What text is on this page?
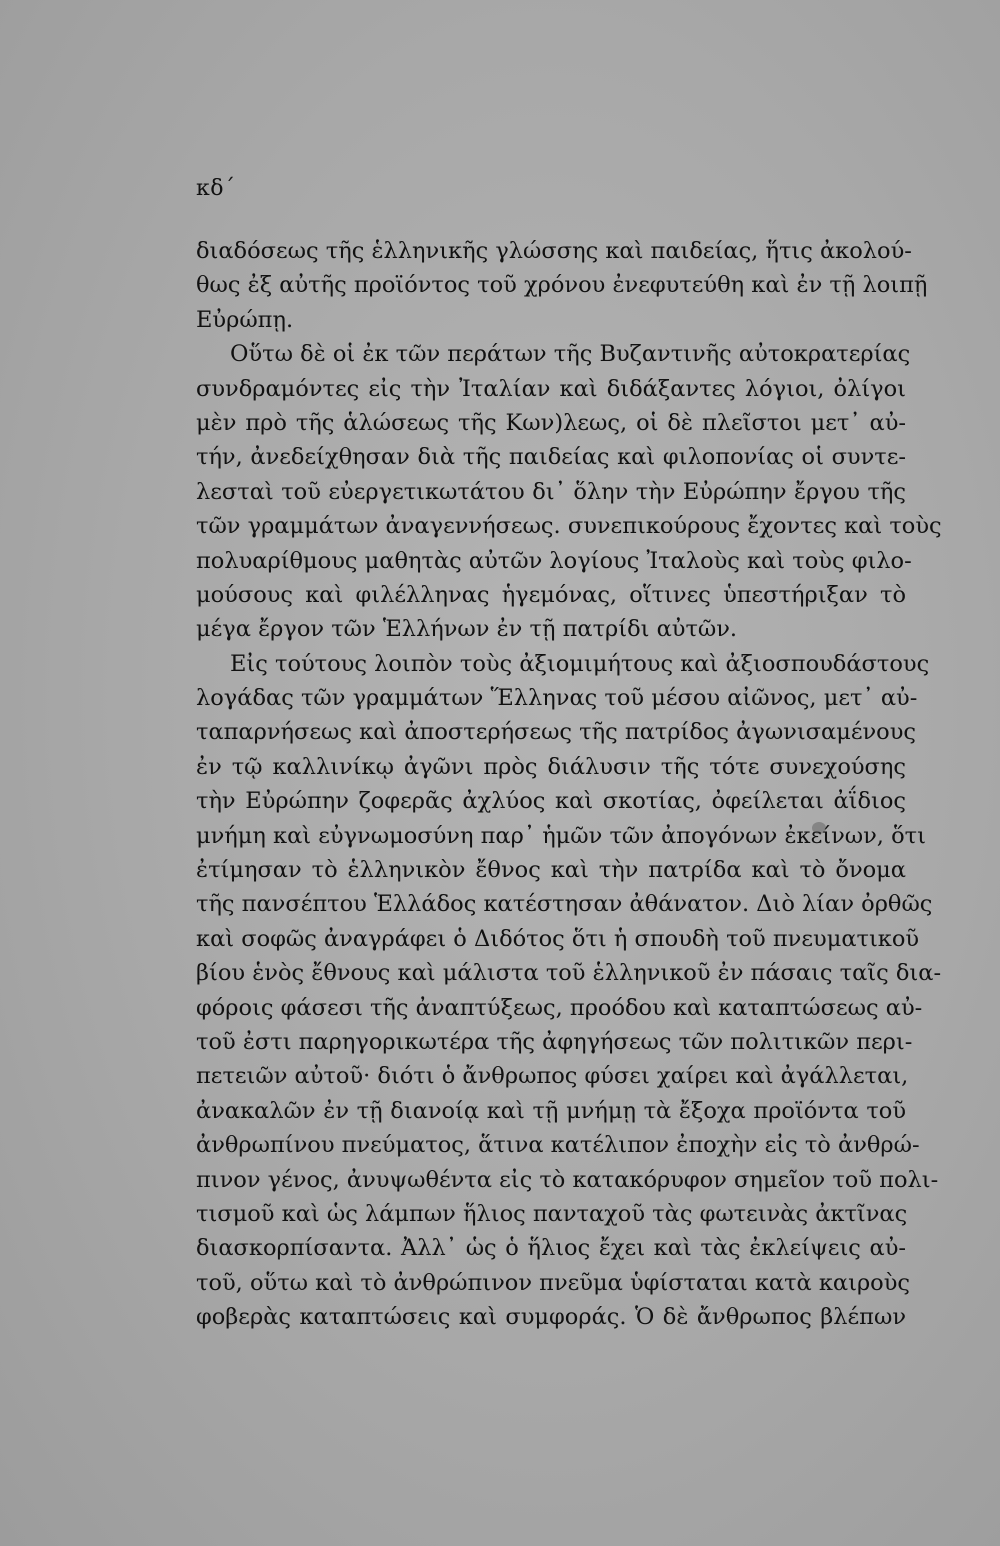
κδ΄
διαδόσεως τῆς ἑλληνικῆς γλώσσης καὶ παιδείας, ἥτις ἀκολού-
θως ἐξ αὐτῆς προϊόντος τοῦ χρόνου ἐνεφυτεύθη καὶ ἐν τῇ λοιπῇ
Εὐρώπῃ.
Οὕτω δὲ οἱ ἐκ τῶν περάτων τῆς Βυζαντινῆς αὐτοκρατερίας
συνδραμόντες εἰς τὴν Ἰταλίαν καὶ διδάξαντες λόγιοι, ὀλίγοι
μὲν πρὸ τῆς ἁλώσεως τῆς Κων)λεως, οἱ δὲ πλεῖστοι μετ᾽ αὐ-
τήν, ἀνεδείχθησαν διὰ τῆς παιδείας καὶ φιλοπονίας οἱ συντε-
λεσταὶ τοῦ εὐεργετικωτάτου δι᾽ ὅλην τὴν Εὐρώπην ἔργου τῆς
τῶν γραμμάτων ἀναγεννήσεως. συνεπικούρους ἔχοντες καὶ τοὺς
πολυαρίθμους μαθητὰς αὐτῶν λογίους Ἰταλοὺς καὶ τοὺς φιλο-
μούσους καὶ φιλέλληνας ἡγεμόνας, οἵτινες ὑπεστήριξαν τὸ
μέγα ἔργον τῶν Ἑλλήνων ἐν τῇ πατρίδι αὐτῶν.
Εἰς τούτους λοιπὸν τοὺς ἀξιομιμήτους καὶ ἀξιοσπουδάστους
λογάδας τῶν γραμμάτων Ἕλληνας τοῦ μέσου αἰῶνος, μετ᾽ αὐ-
ταπαρνήσεως καὶ ἀποστερήσεως τῆς πατρίδος ἀγωνισαμένους
ἐν τῷ καλλινίκῳ ἀγῶνι πρὸς διάλυσιν τῆς τότε συνεχούσης
τὴν Εὐρώπην ζοφερᾶς ἀχλύος καὶ σκοτίας, ὀφείλεται ἀΐδιος
μνήμη καὶ εὐγνωμοσύνη παρ᾽ ἡμῶν τῶν ἀπογόνων ἐκείνων, ὅτι
ἐτίμησαν τὸ ἑλληνικὸν ἔθνος καὶ τὴν πατρίδα καὶ τὸ ὄνομα
τῆς πανσέπτου Ἑλλάδος κατέστησαν ἀθάνατον. Διὸ λίαν ὀρθῶς
καὶ σοφῶς ἀναγράφει ὁ Διδότος ὅτι ἡ σπουδὴ τοῦ πνευματικοῦ
βίου ἑνὸς ἔθνους καὶ μάλιστα τοῦ ἑλληνικοῦ ἐν πάσαις ταῖς δια-
φόροις φάσεσι τῆς ἀναπτύξεως, προόδου καὶ καταπτώσεως αὐ-
τοῦ ἐστι παρηγορικωτέρα τῆς ἀφηγήσεως τῶν πολιτικῶν περι-
πετειῶν αὐτοῦ· διότι ὁ ἄνθρωπος φύσει χαίρει καὶ ἀγάλλεται,
ἀνακαλῶν ἐν τῇ διανοίᾳ καὶ τῇ μνήμῃ τὰ ἔξοχα προϊόντα τοῦ
ἀνθρωπίνου πνεύματος, ἅτινα κατέλιπον ἐποχὴν εἰς τὸ ἀνθρώ-
πινον γένος, ἀνυψωθέντα εἰς τὸ κατακόρυφον σημεῖον τοῦ πολι-
τισμοῦ καὶ ὡς λάμπων ἥλιος πανταχοῦ τὰς φωτεινὰς ἀκτῖνας
διασκορπίσαντα. Ἀλλ᾽ ὡς ὁ ἥλιος ἔχει καὶ τὰς ἐκλείψεις αὐ-
τοῦ, οὕτω καὶ τὸ ἀνθρώπινον πνεῦμα ὑφίσταται κατὰ καιροὺς
φοβερὰς καταπτώσεις καὶ συμφοράς. Ὁ δὲ ἄνθρωπος βλέπων
